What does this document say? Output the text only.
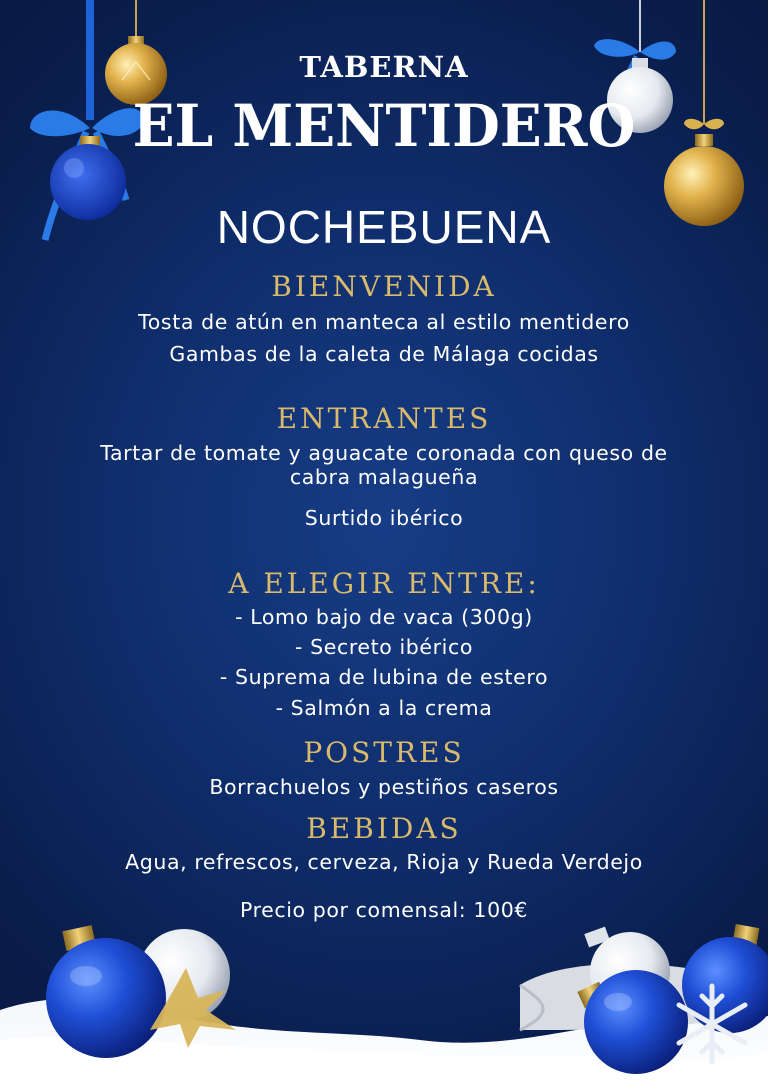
TABERNA
EL MENTIDERO
NOCHEBUENA
BIENVENIDA
Tosta de atún en manteca al estilo mentidero
Gambas de la caleta de Málaga cocidas
ENTRANTES
Tartar de tomate y aguacate coronada con queso de cabra malagueña
Surtido ibérico
A ELEGIR ENTRE:
- Lomo bajo de vaca (300g)
- Secreto ibérico
- Suprema de lubina de estero
- Salmón a la crema
POSTRES
Borrachuelos y pestiños caseros
BEBIDAS
Agua, refrescos, cerveza, Rioja y Rueda Verdejo
Precio por comensal: 100€
